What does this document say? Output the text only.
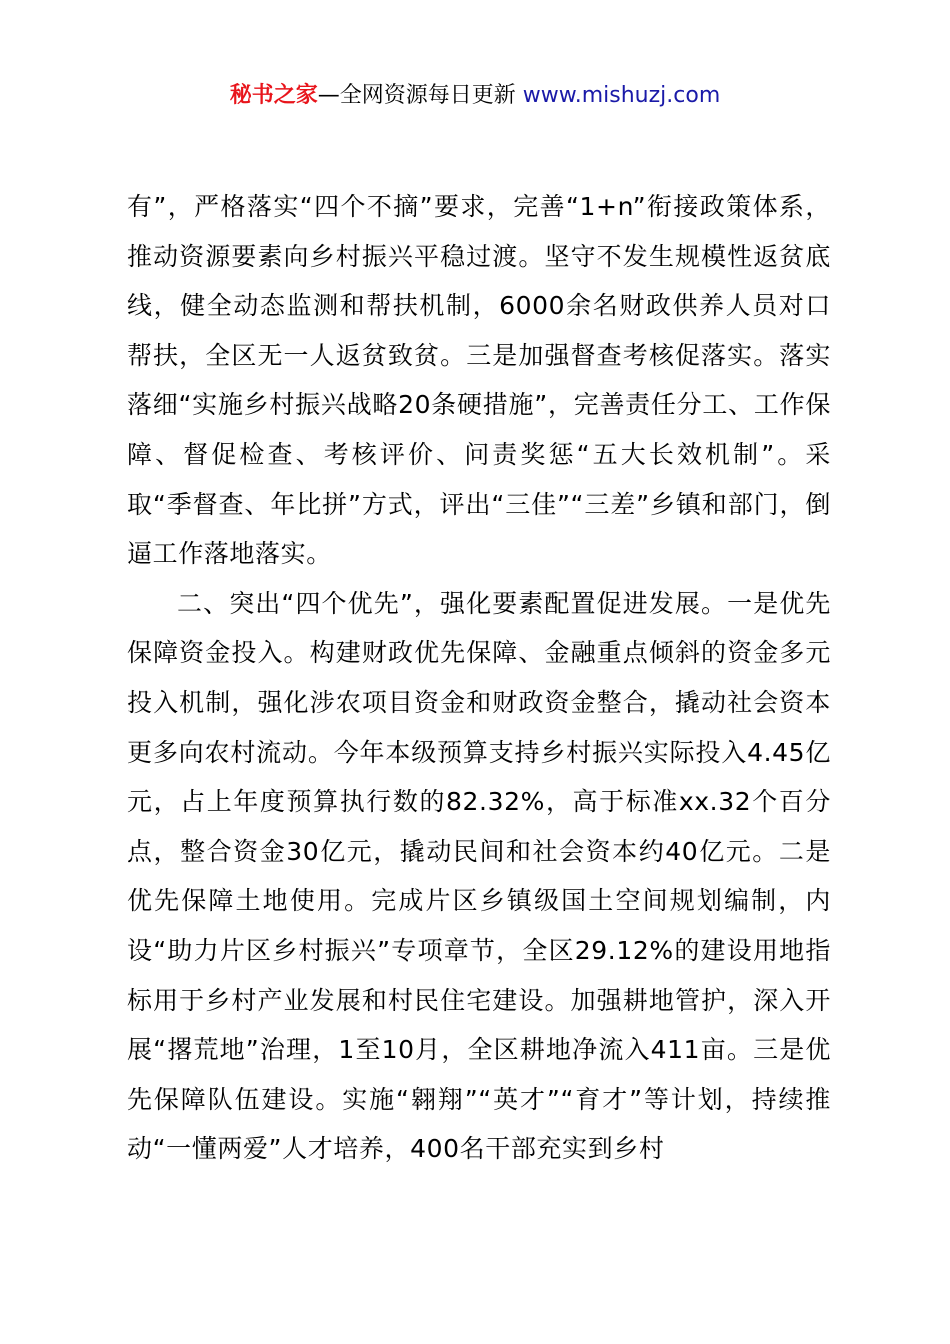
秘书之家—全网资源每日更新 www.mishuzj.com

有”，严格落实“四个不摘”要求，完善“1+n”衔接政策体系，推动资源要素向乡村振兴平稳过渡。坚守不发生规模性返贫底线，健全动态监测和帮扶机制，6000余名财政供养人员对口帮扶，全区无一人返贫致贫。三是加强督查考核促落实。落实落细“实施乡村振兴战略20条硬措施”，完善责任分工、工作保障、督促检查、考核评价、问责奖惩“五大长效机制”。采取“季督查、年比拼”方式，评出“三佳”“三差”乡镇和部门，倒逼工作落地落实。

二、突出“四个优先”，强化要素配置促进发展。一是优先保障资金投入。构建财政优先保障、金融重点倾斜的资金多元投入机制，强化涉农项目资金和财政资金整合，撬动社会资本更多向农村流动。今年本级预算支持乡村振兴实际投入4.45亿元，占上年度预算执行数的82.32%，高于标准xx.32个百分点，整合资金30亿元，撬动民间和社会资本约40亿元。二是优先保障土地使用。完成片区乡镇级国土空间规划编制，内设“助力片区乡村振兴”专项章节，全区29.12%的建设用地指标用于乡村产业发展和村民住宅建设。加强耕地管护，深入开展“撂荒地”治理，1至10月，全区耕地净流入411亩。三是优先保障队伍建设。实施“翱翔”“英才”“育才”等计划，持续推动“一懂两爱”人才培养，400名干部充实到乡村
